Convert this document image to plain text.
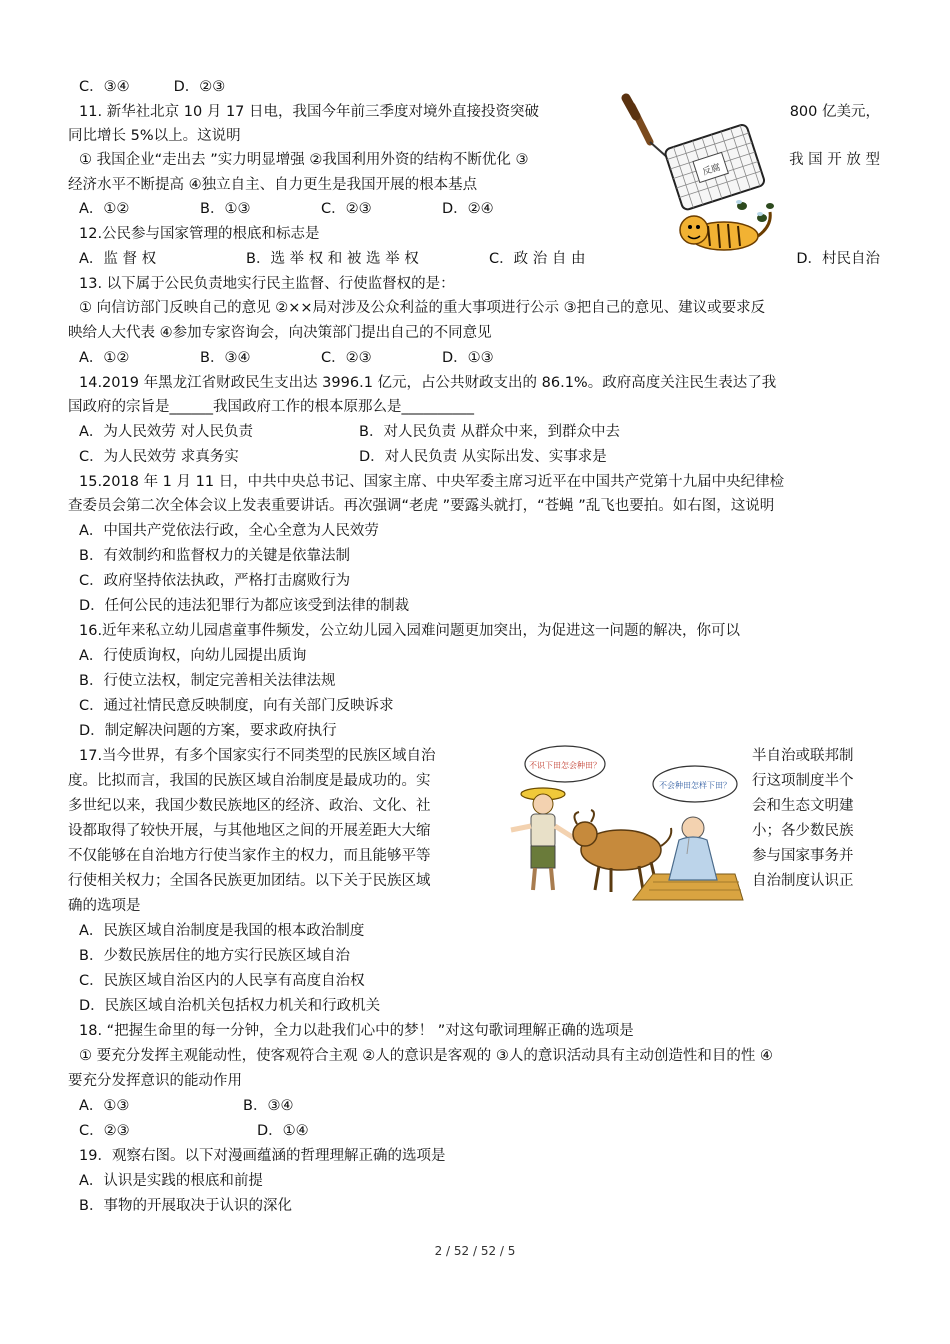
C．③④	D．②③
11. 新华社北京 10 月 17 日电，我国今年前三季度对境外直接投资突破	800 亿美元，
同比增长 5%以上。这说明
① 我国企业“走出去 ”实力明显增强 ②我国利用外资的结构不断优化 ③	我 国 开 放 型
经济水平不断提高 ④独立自主、自力更生是我国开展的根本基点
A．①②	B．①③	C．②③	D．②④
12.公民参与国家管理的根底和标志是
A．监 督 权	B．选 举 权 和 被 选 举 权	C．政 治 自 由	D．村民自治
反腐
13. 以下属于公民负责地实行民主监督、行使监督权的是：
① 向信访部门反映自己的意见 ②××局对涉及公众利益的重大事项进行公示 ③把自己的意见、建议或要求反
映给人大代表 ④参加专家咨询会，向决策部门提出自己的不同意见
A．①②	B．③④	C．②③	D．①③
14.2019 年黑龙江省财政民生支出达 3996.1 亿元，占公共财政支出的 86.1%。政府高度关注民生表达了我
国政府的宗旨是______我国政府工作的根本原那么是__________
A．为人民效劳 对人民负责	B．对人民负责 从群众中来，到群众中去
C．为人民效劳 求真务实	D．对人民负责 从实际出发、实事求是
15.2018 年 1 月 11 日，中共中央总书记、国家主席、中央军委主席习近平在中国共产党第十九届中央纪律检
查委员会第二次全体会议上发表重要讲话。再次强调“老虎 ”要露头就打，“苍蝇 ”乱飞也要拍。如右图，这说明
A．中国共产党依法行政，全心全意为人民效劳
B．有效制约和监督权力的关键是依靠法制
C．政府坚持依法执政，严格打击腐败行为
D．任何公民的违法犯罪行为都应该受到法律的制裁
16.近年来私立幼儿园虐童事件频发，公立幼儿园入园难问题更加突出，为促进这一问题的解决，你可以
A．行使质询权，向幼儿园提出质询
B．行使立法权，制定完善相关法律法规
C．通过社情民意反映制度，向有关部门反映诉求
D．制定解决问题的方案，要求政府执行
17.当今世界，有多个国家实行不同类型的民族区域自治
度。比拟而言，我国的民族区域自治制度是最成功的。实
多世纪以来，我国少数民族地区的经济、政治、文化、社
设都取得了较快开展，与其他地区之间的开展差距大大缩
不仅能够在自治地方行使当家作主的权力，而且能够平等
行使相关权力；全国各民族更加团结。以下关于民族区域
半自治或联邦制
行这项制度半个
会和生态文明建
小；各少数民族
参与国家事务并
自治制度认识正
不识下田怎会种田？
不会种田怎样下田？
确的选项是
A．民族区域自治制度是我国的根本政治制度
B．少数民族居住的地方实行民族区域自治
C．民族区域自治区内的人民享有高度自治权
D．民族区域自治机关包括权力机关和行政机关
18. “把握生命里的每一分钟，全力以赴我们心中的梦！ ”对这句歌词理解正确的选项是
① 要充分发挥主观能动性，使客观符合主观 ②人的意识是客观的 ③人的意识活动具有主动创造性和目的性 ④
要充分发挥意识的能动作用
A．①③	B．③④
C．②③	D．①④
19．观察右图。以下对漫画蕴涵的哲理理解正确的选项是
A．认识是实践的根底和前提
B．事物的开展取决于认识的深化
2 / 52 / 52 / 5
